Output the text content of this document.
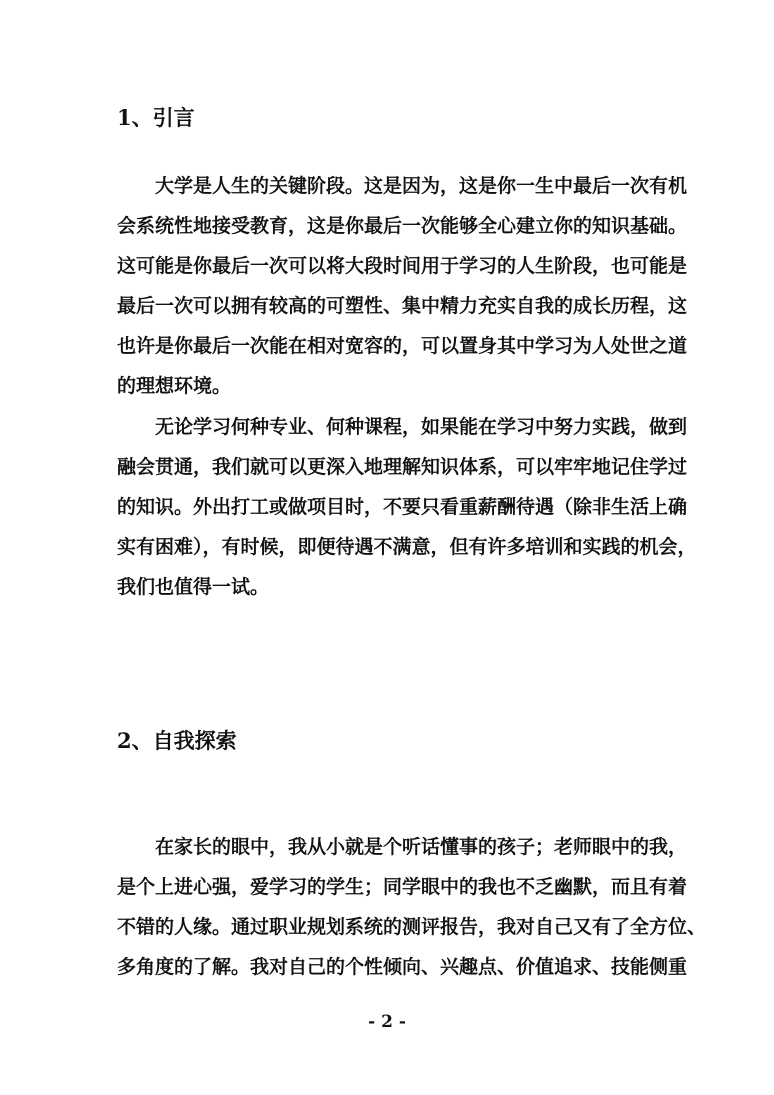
1、引言
大学是人生的关键阶段。这是因为，这是你一生中最后一次有机
会系统性地接受教育，这是你最后一次能够全心建立你的知识基础。
这可能是你最后一次可以将大段时间用于学习的人生阶段，也可能是
最后一次可以拥有较高的可塑性、集中精力充实自我的成长历程，这
也许是你最后一次能在相对宽容的，可以置身其中学习为人处世之道
的理想环境。
无论学习何种专业、何种课程，如果能在学习中努力实践，做到
融会贯通，我们就可以更深入地理解知识体系，可以牢牢地记住学过
的知识。外出打工或做项目时，不要只看重薪酬待遇（除非生活上确
实有困难），有时候，即便待遇不满意，但有许多培训和实践的机会，
我们也值得一试。
2、自我探索
在家长的眼中，我从小就是个听话懂事的孩子；老师眼中的我，
是个上进心强，爱学习的学生；同学眼中的我也不乏幽默，而且有着
不错的人缘。通过职业规划系统的测评报告，我对自己又有了全方位、
多角度的了解。我对自己的个性倾向、兴趣点、价值追求、技能侧重
- 2 -
